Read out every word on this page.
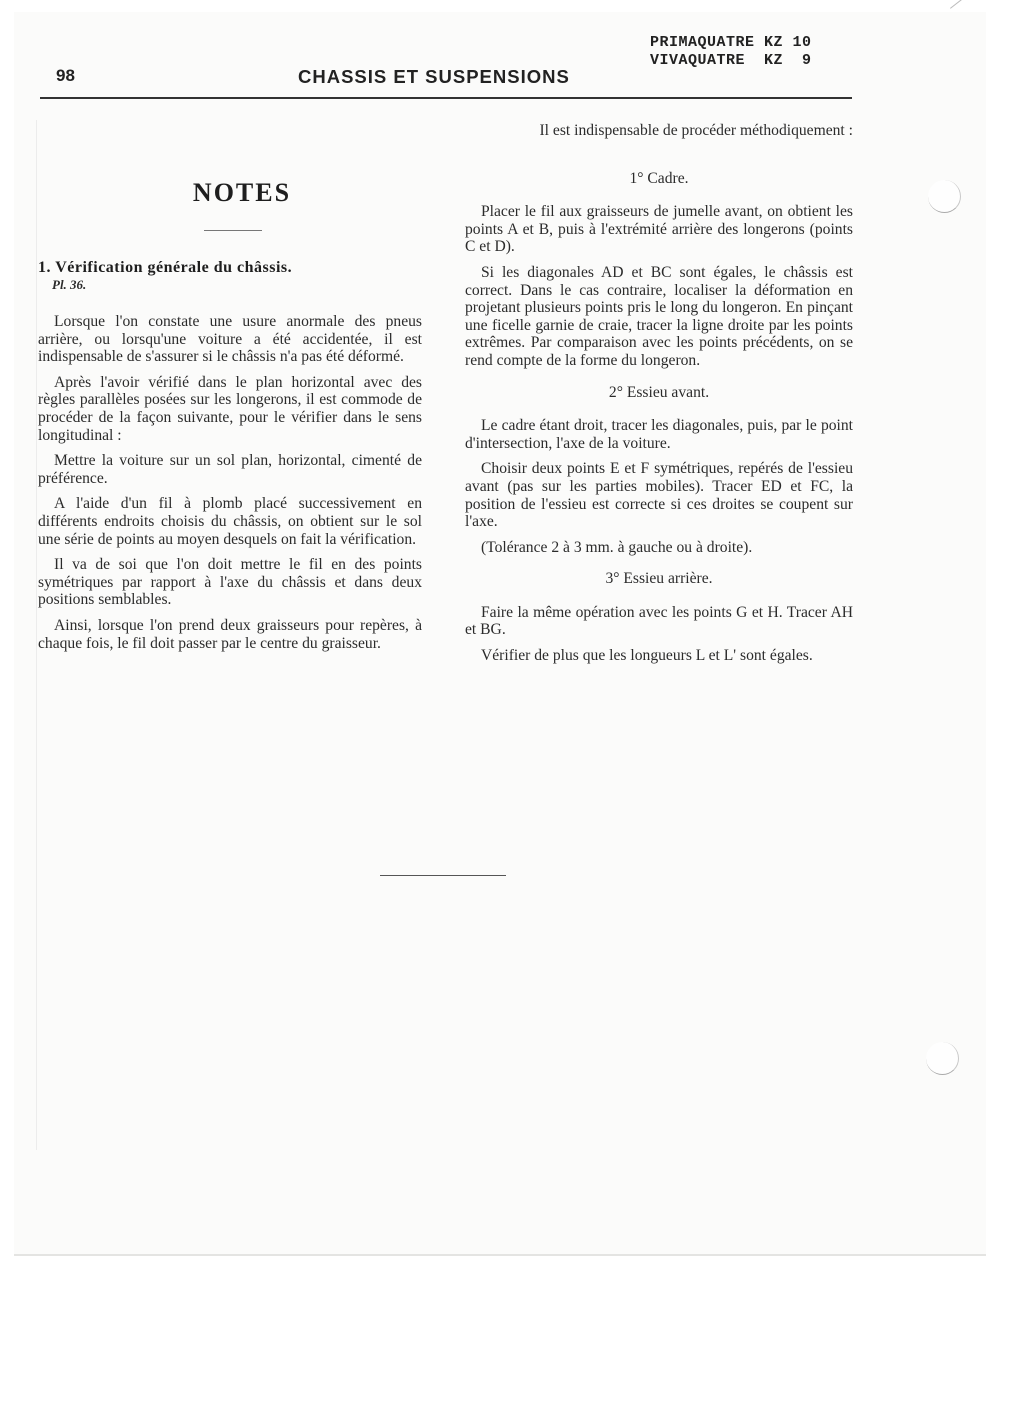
98	CHASSIS ET SUSPENSIONS
PRIMAQUATRE KZ 10
VIVAQUATRE  KZ  9
NOTES
1. Vérification générale du châssis.
Pl. 36.

Lorsque l'on constate une usure anormale des pneus arrière, ou lorsqu'une voiture a été accidentée, il est indispensable de s'assurer si le châssis n'a pas été déformé.

Après l'avoir vérifié dans le plan horizontal avec des règles parallèles posées sur les longerons, il est commode de procéder de la façon suivante, pour le vérifier dans le sens longitudinal :

Mettre la voiture sur un sol plan, horizontal, cimenté de préférence.

A l'aide d'un fil à plomb placé successivement en différents endroits choisis du châssis, on obtient sur le sol une série de points au moyen desquels on fait la vérification.

Il va de soi que l'on doit mettre le fil en des points symétriques par rapport à l'axe du châssis et dans deux positions semblables.

Ainsi, lorsque l'on prend deux graisseurs pour repères, à chaque fois, le fil doit passer par le centre du graisseur.

Il est indispensable de procéder méthodiquement :

1° Cadre.

Placer le fil aux graisseurs de jumelle avant, on obtient les points A et B, puis à l'extrémité arrière des longerons (points C et D).

Si les diagonales AD et BC sont égales, le châssis est correct. Dans le cas contraire, localiser la déformation en projetant plusieurs points pris le long du longeron. En pinçant une ficelle garnie de craie, tracer la ligne droite par les points extrêmes. Par comparaison avec les points précédents, on se rend compte de la forme du longeron.

2° Essieu avant.

Le cadre étant droit, tracer les diagonales, puis, par le point d'intersection, l'axe de la voiture.

Choisir deux points E et F symétriques, repérés de l'essieu avant (pas sur les parties mobiles). Tracer ED et FC, la position de l'essieu est correcte si ces droites se coupent sur l'axe.

(Tolérance 2 à 3 mm. à gauche ou à droite).

3° Essieu arrière.

Faire la même opération avec les points G et H. Tracer AH et BG.

Vérifier de plus que les longueurs L et L' sont égales.
